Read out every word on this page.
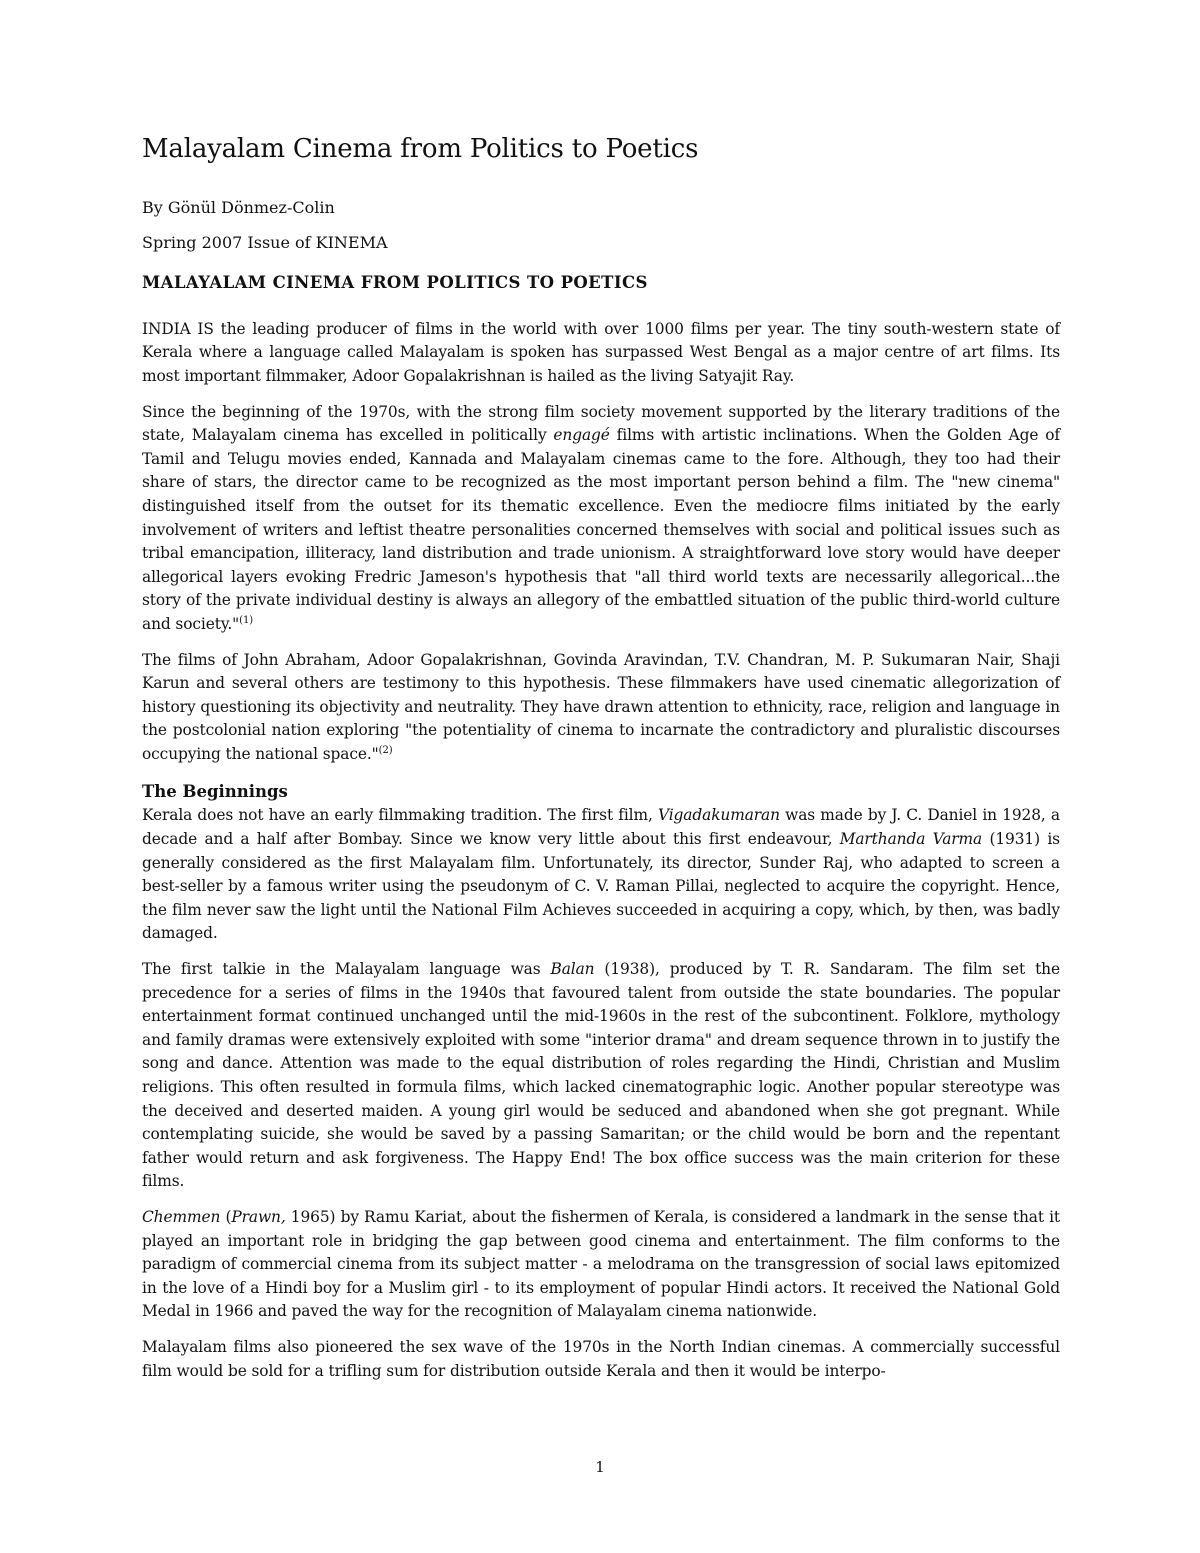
Malayalam Cinema from Politics to Poetics
By Gönül Dönmez-Colin
Spring 2007 Issue of KINEMA
MALAYALAM CINEMA FROM POLITICS TO POETICS

INDIA IS the leading producer of films in the world with over 1000 films per year. The tiny south-western state of Kerala where a language called Malayalam is spoken has surpassed West Bengal as a major centre of art films. Its most important filmmaker, Adoor Gopalakrishnan is hailed as the living Satyajit Ray.

Since the beginning of the 1970s, with the strong film society movement supported by the literary traditions of the state, Malayalam cinema has excelled in politically engagé films with artistic inclinations. When the Golden Age of Tamil and Telugu movies ended, Kannada and Malayalam cinemas came to the fore. Although, they too had their share of stars, the director came to be recognized as the most important person behind a film. The "new cinema" distinguished itself from the outset for its thematic excellence. Even the mediocre films initiated by the early involvement of writers and leftist theatre personalities concerned themselves with social and political issues such as tribal emancipation, illiteracy, land distribution and trade unionism. A straightforward love story would have deeper allegorical layers evoking Fredric Jameson's hypothesis that "all third world texts are necessarily allegorical...the story of the private individual destiny is always an allegory of the embattled situation of the public third-world culture and society."$^{(1)}$

The films of John Abraham, Adoor Gopalakrishnan, Govinda Aravindan, T.V. Chandran, M. P. Sukumaran Nair, Shaji Karun and several others are testimony to this hypothesis. These filmmakers have used cinematic allegorization of history questioning its objectivity and neutrality. They have drawn attention to ethnicity, race, religion and language in the postcolonial nation exploring "the potentiality of cinema to incarnate the contradictory and pluralistic discourses occupying the national space."$^{(2)}$

The Beginnings

Kerala does not have an early filmmaking tradition. The first film, Vigadakumaran was made by J. C. Daniel in 1928, a decade and a half after Bombay. Since we know very little about this first endeavour, Marthanda Varma (1931) is generally considered as the first Malayalam film. Unfortunately, its director, Sunder Raj, who adapted to screen a best-seller by a famous writer using the pseudonym of C. V. Raman Pillai, neglected to acquire the copyright. Hence, the film never saw the light until the National Film Achieves succeeded in acquiring a copy, which, by then, was badly damaged.

The first talkie in the Malayalam language was Balan (1938), produced by T. R. Sandaram. The film set the precedence for a series of films in the 1940s that favoured talent from outside the state boundaries. The popular entertainment format continued unchanged until the mid-1960s in the rest of the subcontinent. Folklore, mythology and family dramas were extensively exploited with some "interior drama" and dream sequence thrown in to justify the song and dance. Attention was made to the equal distribution of roles regarding the Hindi, Christian and Muslim religions. This often resulted in formula films, which lacked cinematographic logic. Another popular stereotype was the deceived and deserted maiden. A young girl would be seduced and abandoned when she got pregnant. While contemplating suicide, she would be saved by a passing Samaritan; or the child would be born and the repentant father would return and ask forgiveness. The Happy End! The box office success was the main criterion for these films.

Chemmen (Prawn, 1965) by Ramu Kariat, about the fishermen of Kerala, is considered a landmark in the sense that it played an important role in bridging the gap between good cinema and entertainment. The film conforms to the paradigm of commercial cinema from its subject matter - a melodrama on the transgression of social laws epitomized in the love of a Hindi boy for a Muslim girl - to its employment of popular Hindi actors. It received the National Gold Medal in 1966 and paved the way for the recognition of Malayalam cinema nationwide.

Malayalam films also pioneered the sex wave of the 1970s in the North Indian cinemas. A commercially successful film would be sold for a trifling sum for distribution outside Kerala and then it would be interpo-

1
